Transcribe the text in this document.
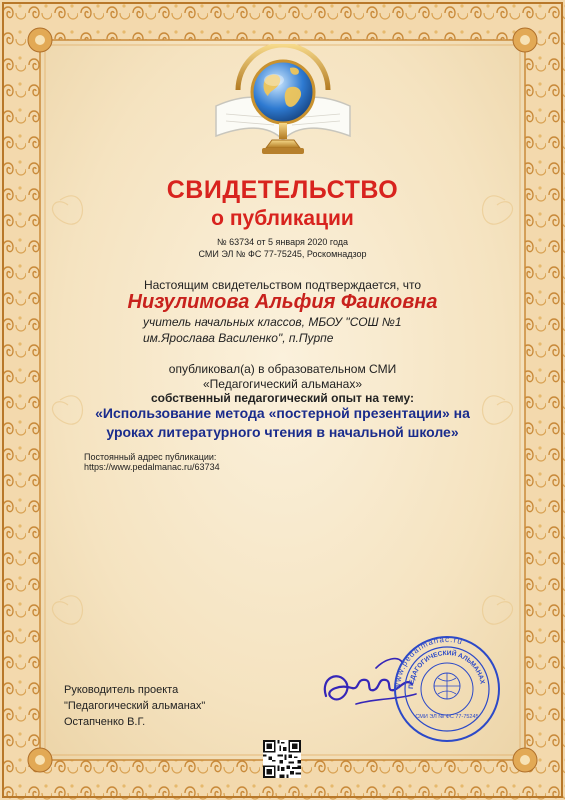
СВИДЕТЕЛЬСТВО
о публикации
№ 63734 от 5 января 2020 года
СМИ ЭЛ № ФС 77-75245, Роскомнадзор
Настоящим свидетельством подтверждается, что
Низулимова Альфия Фаиковна
учитель начальных классов, МБОУ "СОШ №1 им.Ярослава Василенко", п.Пурпе
опубликовал(а) в образовательном СМИ
«Педагогический альманах»
собственный педагогический опыт на тему:
«Использование метода «постерной презентации» на
уроках литературного чтения в начальной школе»
Постоянный адрес публикации:
https://www.pedalmanac.ru/63734
www.pedalmanac.ru
ПЕДАГОГИЧЕСКИЙ АЛЬМАНАХ
СМИ ЭЛ № ФС 77-75245
Руководитель проекта
"Педагогический альманах"
Остапченко В.Г.
